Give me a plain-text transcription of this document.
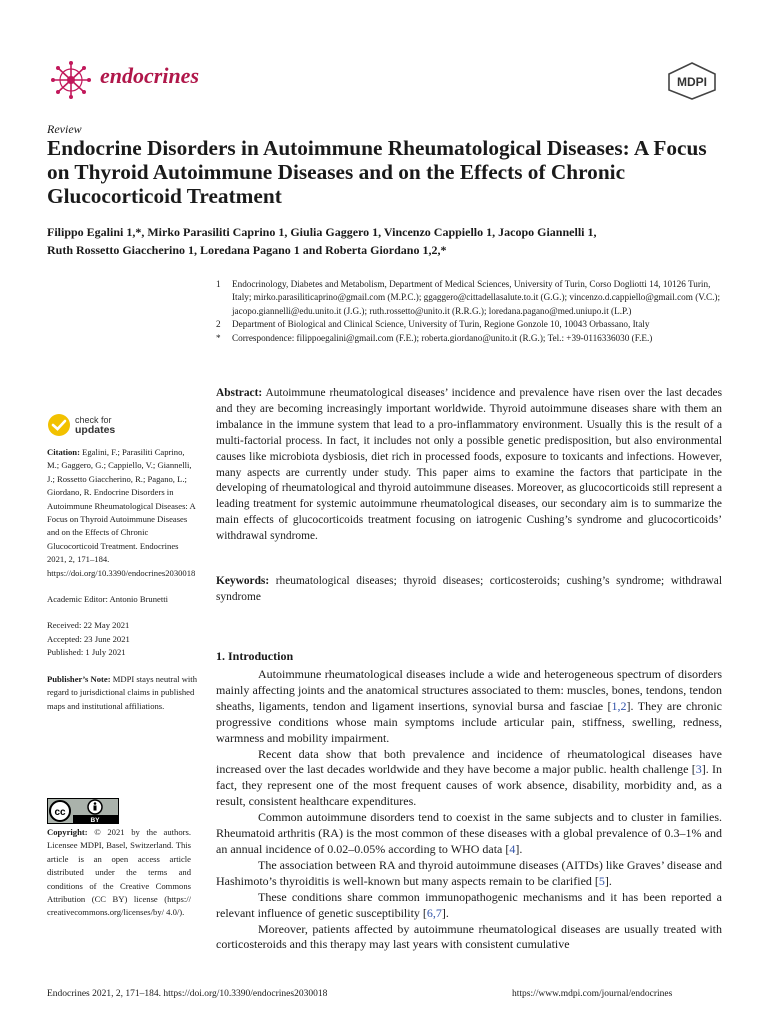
endocrines	MDPI
Review
Endocrine Disorders in Autoimmune Rheumatological Diseases: A Focus on Thyroid Autoimmune Diseases and on the Effects of Chronic Glucocorticoid Treatment
Filippo Egalini 1,*, Mirko Parasiliti Caprino 1, Giulia Gaggero 1, Vincenzo Cappiello 1, Jacopo Giannelli 1,
Ruth Rossetto Giaccherino 1, Loredana Pagano 1 and Roberta Giordano 1,2,*
1	Endocrinology, Diabetes and Metabolism, Department of Medical Sciences, University of Turin, Corso Dogliotti 14, 10126 Turin, Italy; mirko.parasiliticaprino@gmail.com (M.P.C.); ggaggero@cittadellasalute.to.it (G.G.); vincenzo.d.cappiello@gmail.com (V.C.); jacopo.giannelli@edu.unito.it (J.G.); ruth.rossetto@unito.it (R.R.G.); loredana.pagano@med.uniupo.it (L.P.)
2	Department of Biological and Clinical Science, University of Turin, Regione Gonzole 10, 10043 Orbassano, Italy
*	Correspondence: filippoegalini@gmail.com (F.E.); roberta.giordano@unito.it (R.G.); Tel.: +39-0116336030 (F.E.)
Abstract: Autoimmune rheumatological diseases’ incidence and prevalence have risen over the last decades and they are becoming increasingly important worldwide. Thyroid autoimmune diseases share with them an imbalance in the immune system that lead to a pro-inflammatory environment. Usually this is the result of a multi-factorial process. In fact, it includes not only a possible genetic predisposition, but also environmental causes like microbiota dysbiosis, diet rich in processed foods, exposure to toxicants and infections. However, many aspects are currently under study. This paper aims to examine the factors that participate in the developing of rheumatological and thyroid autoimmune diseases. Moreover, as glucocorticoids still represent a leading treatment for systemic autoimmune rheumatological diseases, our secondary aim is to summarize the main effects of glucocorticoids treatment focusing on iatrogenic Cushing’s syndrome and glucocorticoids’ withdrawal syndrome.
Keywords: rheumatological diseases; thyroid diseases; corticosteroids; cushing’s syndrome; withdrawal syndrome
1. Introduction

Autoimmune rheumatological diseases include a wide and heterogeneous spectrum of disorders mainly affecting joints and the anatomical structures associated to them: muscles, bones, tendons, tendon sheaths, ligaments, tendon and ligament insertions, synovial bursa and fasciae [1,2]. They are chronic progressive conditions whose main symptoms include articular pain, stiffness, swelling, redness, warmness and mobility impairment.

Recent data show that both prevalence and incidence of rheumatological diseases have increased over the last decades worldwide and they have become a major public. health challenge [3]. In fact, they represent one of the most frequent causes of work absence, disability, morbidity and, as a result, consistent healthcare expenditures.

Common autoimmune disorders tend to coexist in the same subjects and to cluster in families. Rheumatoid arthritis (RA) is the most common of these diseases with a global prevalence of 0.3–1% and an annual incidence of 0.02–0.05% according to WHO data [4].

The association between RA and thyroid autoimmune diseases (AITDs) like Graves’ disease and Hashimoto’s thyroiditis is well-known but many aspects remain to be clarified [5].

These conditions share common immunopathogenic mechanisms and it has been reported a relevant influence of genetic susceptibility [6,7].

Moreover, patients affected by autoimmune rheumatological diseases are usually treated with corticosteroids and this therapy may last years with consistent cumulative

check for
updates
Citation: Egalini, F.; Parasiliti Caprino, M.; Gaggero, G.; Cappiello, V.; Giannelli, J.; Rossetto Giaccherino, R.; Pagano, L.; Giordano, R. Endocrine Disorders in Autoimmune Rheumatological Diseases: A Focus on Thyroid Autoimmune Diseases and on the Effects of Chronic Glucocorticoid Treatment. Endocrines 2021, 2, 171–184. https://doi.org/10.3390/endocrines2030018
Academic Editor: Antonio Brunetti
Received: 22 May 2021
Accepted: 23 June 2021
Published: 1 July 2021
Publisher’s Note: MDPI stays neutral with regard to jurisdictional claims in published maps and institutional affiliations.
cc
BY
Copyright: © 2021 by the authors. Licensee MDPI, Basel, Switzerland. This article is an open access article distributed under the terms and conditions of the Creative Commons Attribution (CC BY) license (https:// creativecommons.org/licenses/by/ 4.0/).
Endocrines 2021, 2, 171–184. https://doi.org/10.3390/endocrines2030018	https://www.mdpi.com/journal/endocrines
